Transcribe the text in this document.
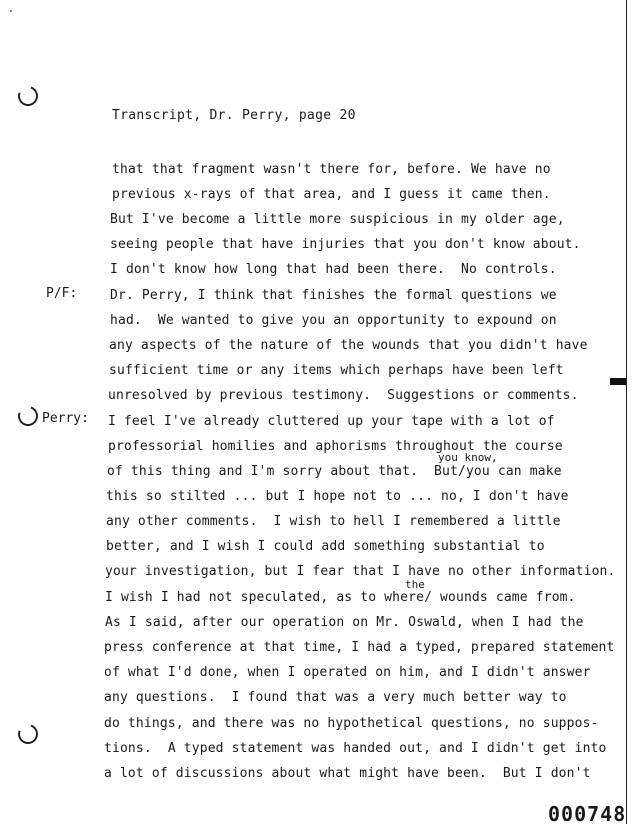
Transcript, Dr. Perry, page 20
P/F:
Perry:
that that fragment wasn't there for, before. We have no
previous x-rays of that area, and I guess it came then.
But I've become a little more suspicious in my older age,
seeing people that have injuries that you don't know about.
I don't know how long that had been there.  No controls.
Dr. Perry, I think that finishes the formal questions we
had.  We wanted to give you an opportunity to expound on
any aspects of the nature of the wounds that you didn't have
sufficient time or any items which perhaps have been left
unresolved by previous testimony.  Suggestions or comments.
I feel I've already cluttered up your tape with a lot of
professorial homilies and aphorisms throughout the course
you know,
of this thing and I'm sorry about that.  But/you can make
this so stilted ... but I hope not to ... no, I don't have
any other comments.  I wish to hell I remembered a little
better, and I wish I could add something substantial to
your investigation, but I fear that I have no other information.
the
I wish I had not speculated, as to where/ wounds came from.
As I said, after our operation on Mr. Oswald, when I had the
press conference at that time, I had a typed, prepared statement
of what I'd done, when I operated on him, and I didn't answer
any questions.  I found that was a very much better way to
do things, and there was no hypothetical questions, no suppos-
tions.  A typed statement was handed out, and I didn't get into
a lot of discussions about what might have been.  But I don't
000748
